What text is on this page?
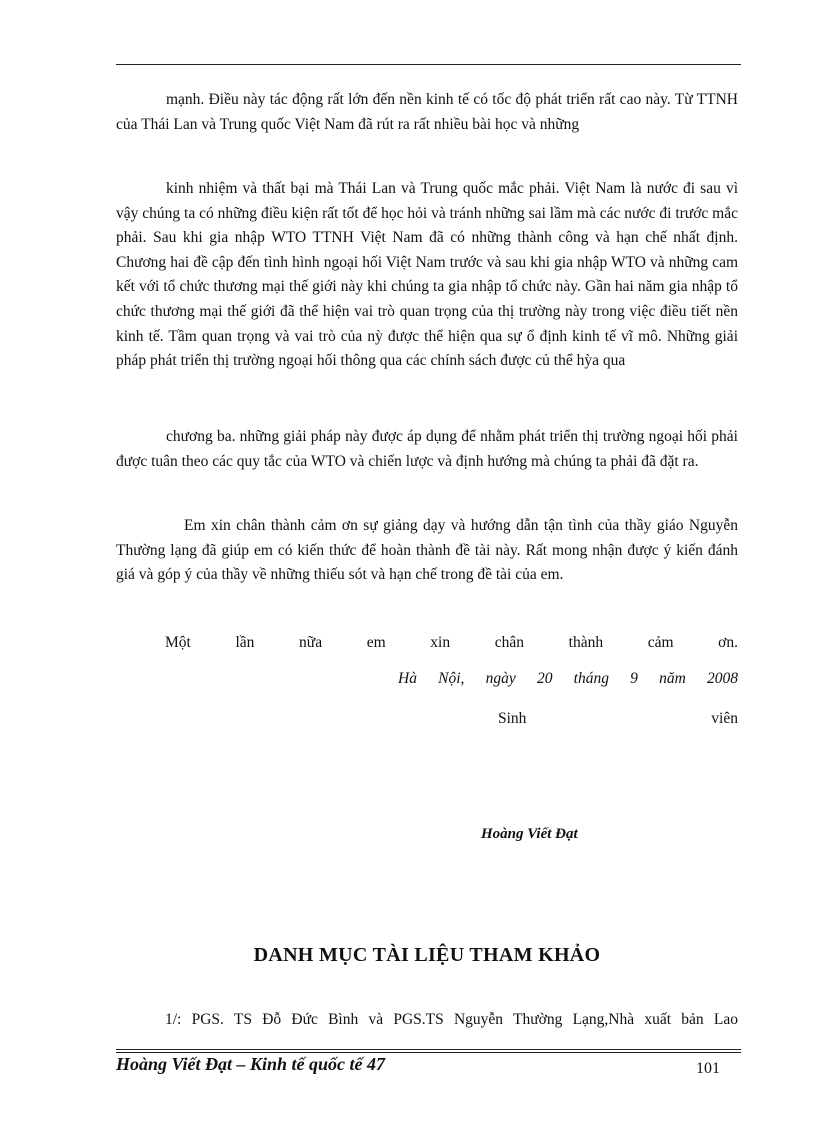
mạnh. Điều này tác động rất lớn đến nền kinh tế có tốc độ phát triển rất cao này. Từ TTNH của Thái Lan và Trung quốc Việt Nam đã rút ra rất nhiều bài học và những

kinh nhiệm và thất bại mà Thái Lan và Trung quốc mắc phải. Việt Nam là nước đi sau vì vậy chúng ta có những điều kiện rất tốt để học hỏi và tránh những sai lầm mà các nước đi trước mắc phải. Sau khi gia nhập WTO TTNH Việt Nam đã có những thành công và hạn chế nhất định. Chương hai đề cập đến tình hình ngoại hối Việt Nam trước và sau khi gia nhập WTO và những cam kết với tổ chức thương mại thế giới này khi chúng ta gia nhập tổ chức này. Gần hai năm gia nhập tổ chức thương mại thế giới đã thể hiện vai trò quan trọng của thị trường này trong việc điều tiết nền kinh tế. Tầm quan trọng và vai trò của nỳ được thể hiện qua sự ổ định kinh tế vĩ mô. Những giải pháp phát triển thị trường ngoại hối thông qua các chính sách được củ thể hỳa qua

chương ba. những giải pháp này được áp dụng để nhằm phát triển thị trường ngoại hối phải được tuân theo các quy tắc của WTO và chiến lược và định hướng mà chúng ta phải đã đặt ra.

Em xin chân thành cảm ơn sự giảng dạy và hướng dẫn tận tình của thầy giáo Nguyễn Thường lạng đã giúp em có kiến thức để hoàn thành đề tài này. Rất mong nhận được ý kiến đánh giá và góp ý của thầy về những thiếu sót và hạn chế trong đề tài của em.

Một lần nữa em xin chân thành cảm ơn.

Hà Nội, ngày 20 tháng 9 năm 2008
Sinh viên
Hoàng Viết Đạt
DANH MỤC TÀI LIỆU THAM KHẢO
1/: PGS. TS Đỗ Đức Bình và PGS.TS Nguyễn Thường Lạng,Nhà xuất bản Lao
Hoàng Viết Đạt – Kinh tế quốc tế 47	101
